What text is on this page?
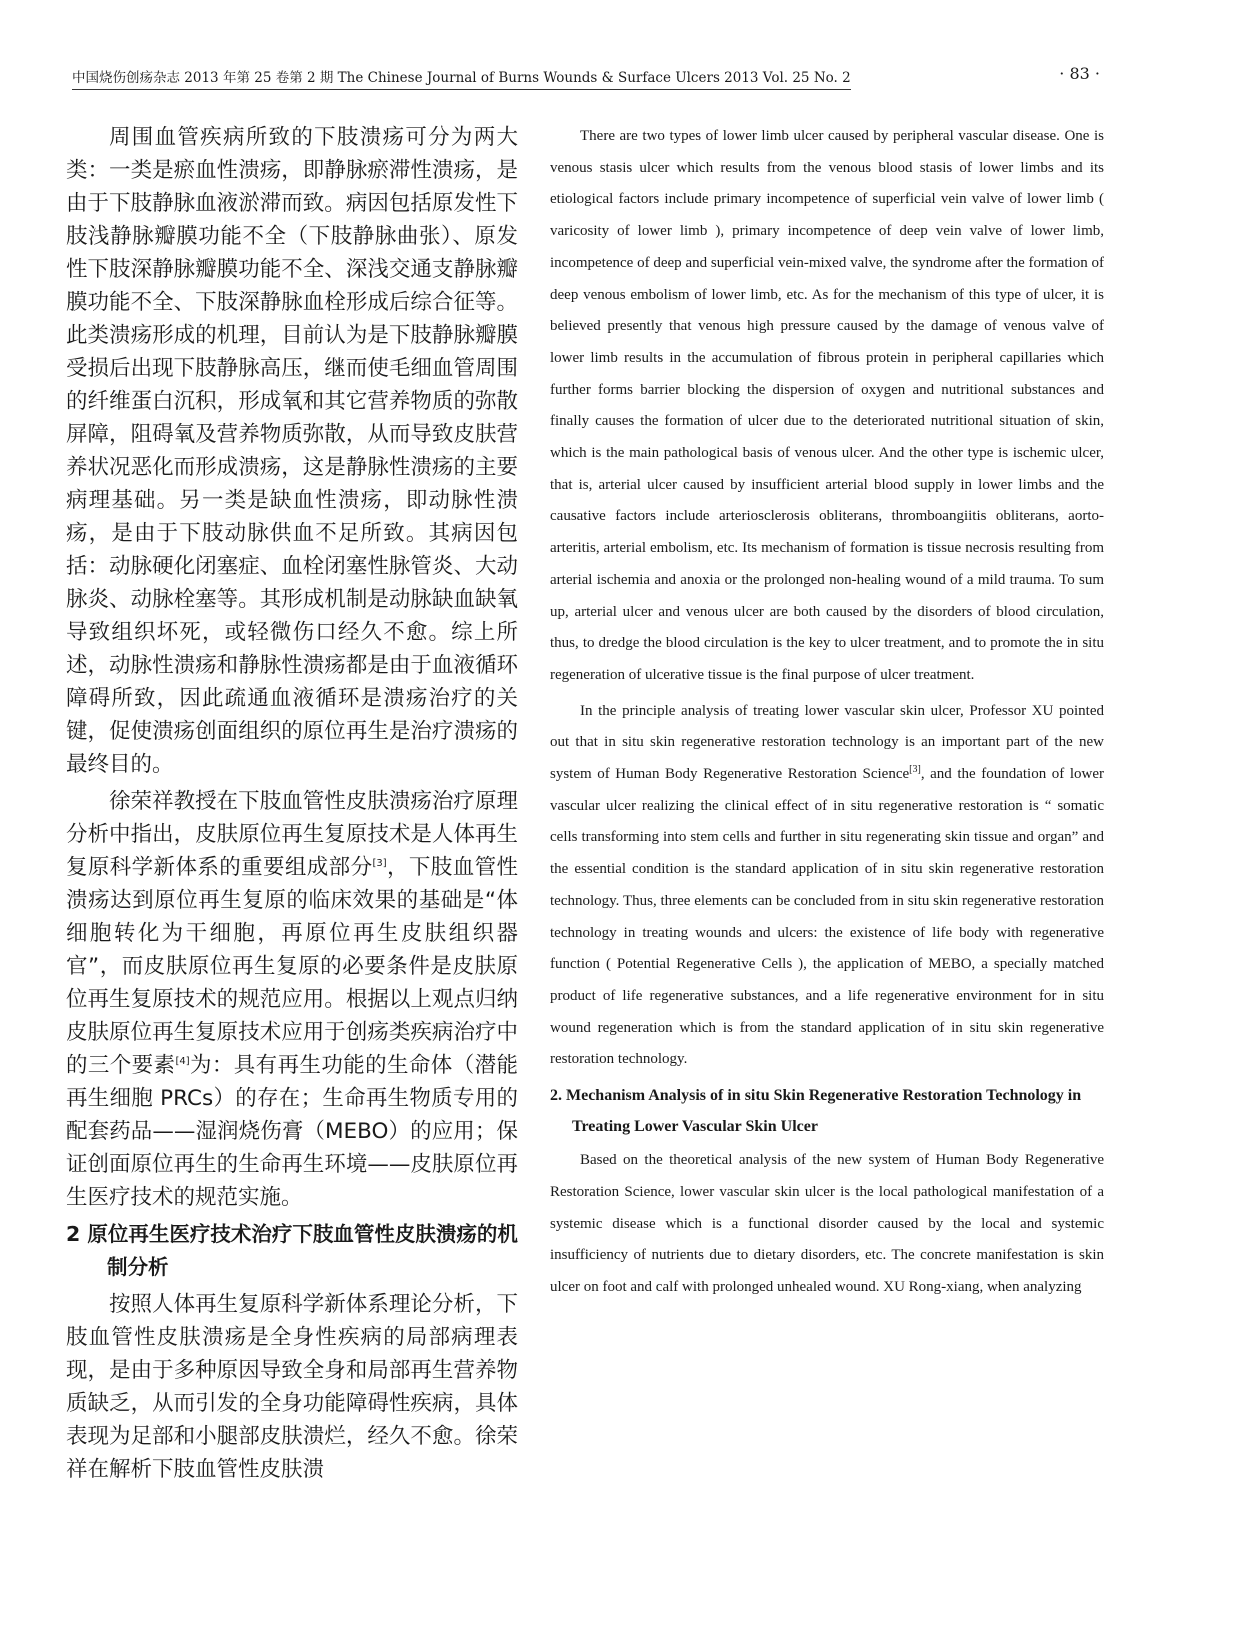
中国烧伤创疡杂志 2013 年第 25 卷第 2 期 The Chinese Journal of Burns Wounds & Surface Ulcers 2013 Vol. 25 No. 2	· 83 ·

周围血管疾病所致的下肢溃疡可分为两大类：一类是瘀血性溃疡，即静脉瘀滞性溃疡，是由于下肢静脉血液淤滞而致。病因包括原发性下肢浅静脉瓣膜功能不全（下肢静脉曲张）、原发性下肢深静脉瓣膜功能不全、深浅交通支静脉瓣膜功能不全、下肢深静脉血栓形成后综合征等。此类溃疡形成的机理，目前认为是下肢静脉瓣膜受损后出现下肢静脉高压，继而使毛细血管周围的纤维蛋白沉积，形成氧和其它营养物质的弥散屏障，阻碍氧及营养物质弥散，从而导致皮肤营养状况恶化而形成溃疡，这是静脉性溃疡的主要病理基础。另一类是缺血性溃疡，即动脉性溃疡，是由于下肢动脉供血不足所致。其病因包括：动脉硬化闭塞症、血栓闭塞性脉管炎、大动脉炎、动脉栓塞等。其形成机制是动脉缺血缺氧导致组织坏死，或轻微伤口经久不愈。综上所述，动脉性溃疡和静脉性溃疡都是由于血液循环障碍所致，因此疏通血液循环是溃疡治疗的关键，促使溃疡创面组织的原位再生是治疗溃疡的最终目的。

徐荣祥教授在下肢血管性皮肤溃疡治疗原理分析中指出，皮肤原位再生复原技术是人体再生复原科学新体系的重要组成部分[3]，下肢血管性溃疡达到原位再生复原的临床效果的基础是“体细胞转化为干细胞，再原位再生皮肤组织器官”，而皮肤原位再生复原的必要条件是皮肤原位再生复原技术的规范应用。根据以上观点归纳皮肤原位再生复原技术应用于创疡类疾病治疗中的三个要素[4]为：具有再生功能的生命体（潜能再生细胞 PRCs）的存在；生命再生物质专用的配套药品——湿润烧伤膏（MEBO）的应用；保证创面原位再生的生命再生环境——皮肤原位再生医疗技术的规范实施。

2 原位再生医疗技术治疗下肢血管性皮肤溃疡的机制分析

按照人体再生复原科学新体系理论分析，下肢血管性皮肤溃疡是全身性疾病的局部病理表现，是由于多种原因导致全身和局部再生营养物质缺乏，从而引发的全身功能障碍性疾病，具体表现为足部和小腿部皮肤溃烂，经久不愈。徐荣祥在解析下肢血管性皮肤溃

There are two types of lower limb ulcer caused by peripheral vascular disease. One is venous stasis ulcer which results from the venous blood stasis of lower limbs and its etiological factors include primary incompetence of superficial vein valve of lower limb ( varicosity of lower limb ), primary incompetence of deep vein valve of lower limb, incompetence of deep and superficial vein-mixed valve, the syndrome after the formation of deep venous embolism of lower limb, etc. As for the mechanism of this type of ulcer, it is believed presently that venous high pressure caused by the damage of venous valve of lower limb results in the accumulation of fibrous protein in peripheral capillaries which further forms barrier blocking the dispersion of oxygen and nutritional substances and finally causes the formation of ulcer due to the deteriorated nutritional situation of skin, which is the main pathological basis of venous ulcer. And the other type is ischemic ulcer, that is, arterial ulcer caused by insufficient arterial blood supply in lower limbs and the causative factors include arteriosclerosis obliterans, thromboangiitis obliterans, aorto-arteritis, arterial embolism, etc. Its mechanism of formation is tissue necrosis resulting from arterial ischemia and anoxia or the prolonged non-healing wound of a mild trauma. To sum up, arterial ulcer and venous ulcer are both caused by the disorders of blood circulation, thus, to dredge the blood circulation is the key to ulcer treatment, and to promote the in situ regeneration of ulcerative tissue is the final purpose of ulcer treatment.

In the principle analysis of treating lower vascular skin ulcer, Professor XU pointed out that in situ skin regenerative restoration technology is an important part of the new system of Human Body Regenerative Restoration Science[3], and the foundation of lower vascular ulcer realizing the clinical effect of in situ regenerative restoration is “ somatic cells transforming into stem cells and further in situ regenerating skin tissue and organ” and the essential condition is the standard application of in situ skin regenerative restoration technology. Thus, three elements can be concluded from in situ skin regenerative restoration technology in treating wounds and ulcers: the existence of life body with regenerative function ( Potential Regenerative Cells ), the application of MEBO, a specially matched product of life regenerative substances, and a life regenerative environment for in situ wound regeneration which is from the standard application of in situ skin regenerative restoration technology.

2. Mechanism Analysis of in situ Skin Regenerative Restoration Technology in Treating Lower Vascular Skin Ulcer

Based on the theoretical analysis of the new system of Human Body Regenerative Restoration Science, lower vascular skin ulcer is the local pathological manifestation of a systemic disease which is a functional disorder caused by the local and systemic insufficiency of nutrients due to dietary disorders, etc. The concrete manifestation is skin ulcer on foot and calf with prolonged unhealed wound. XU Rong-xiang, when analyzing
